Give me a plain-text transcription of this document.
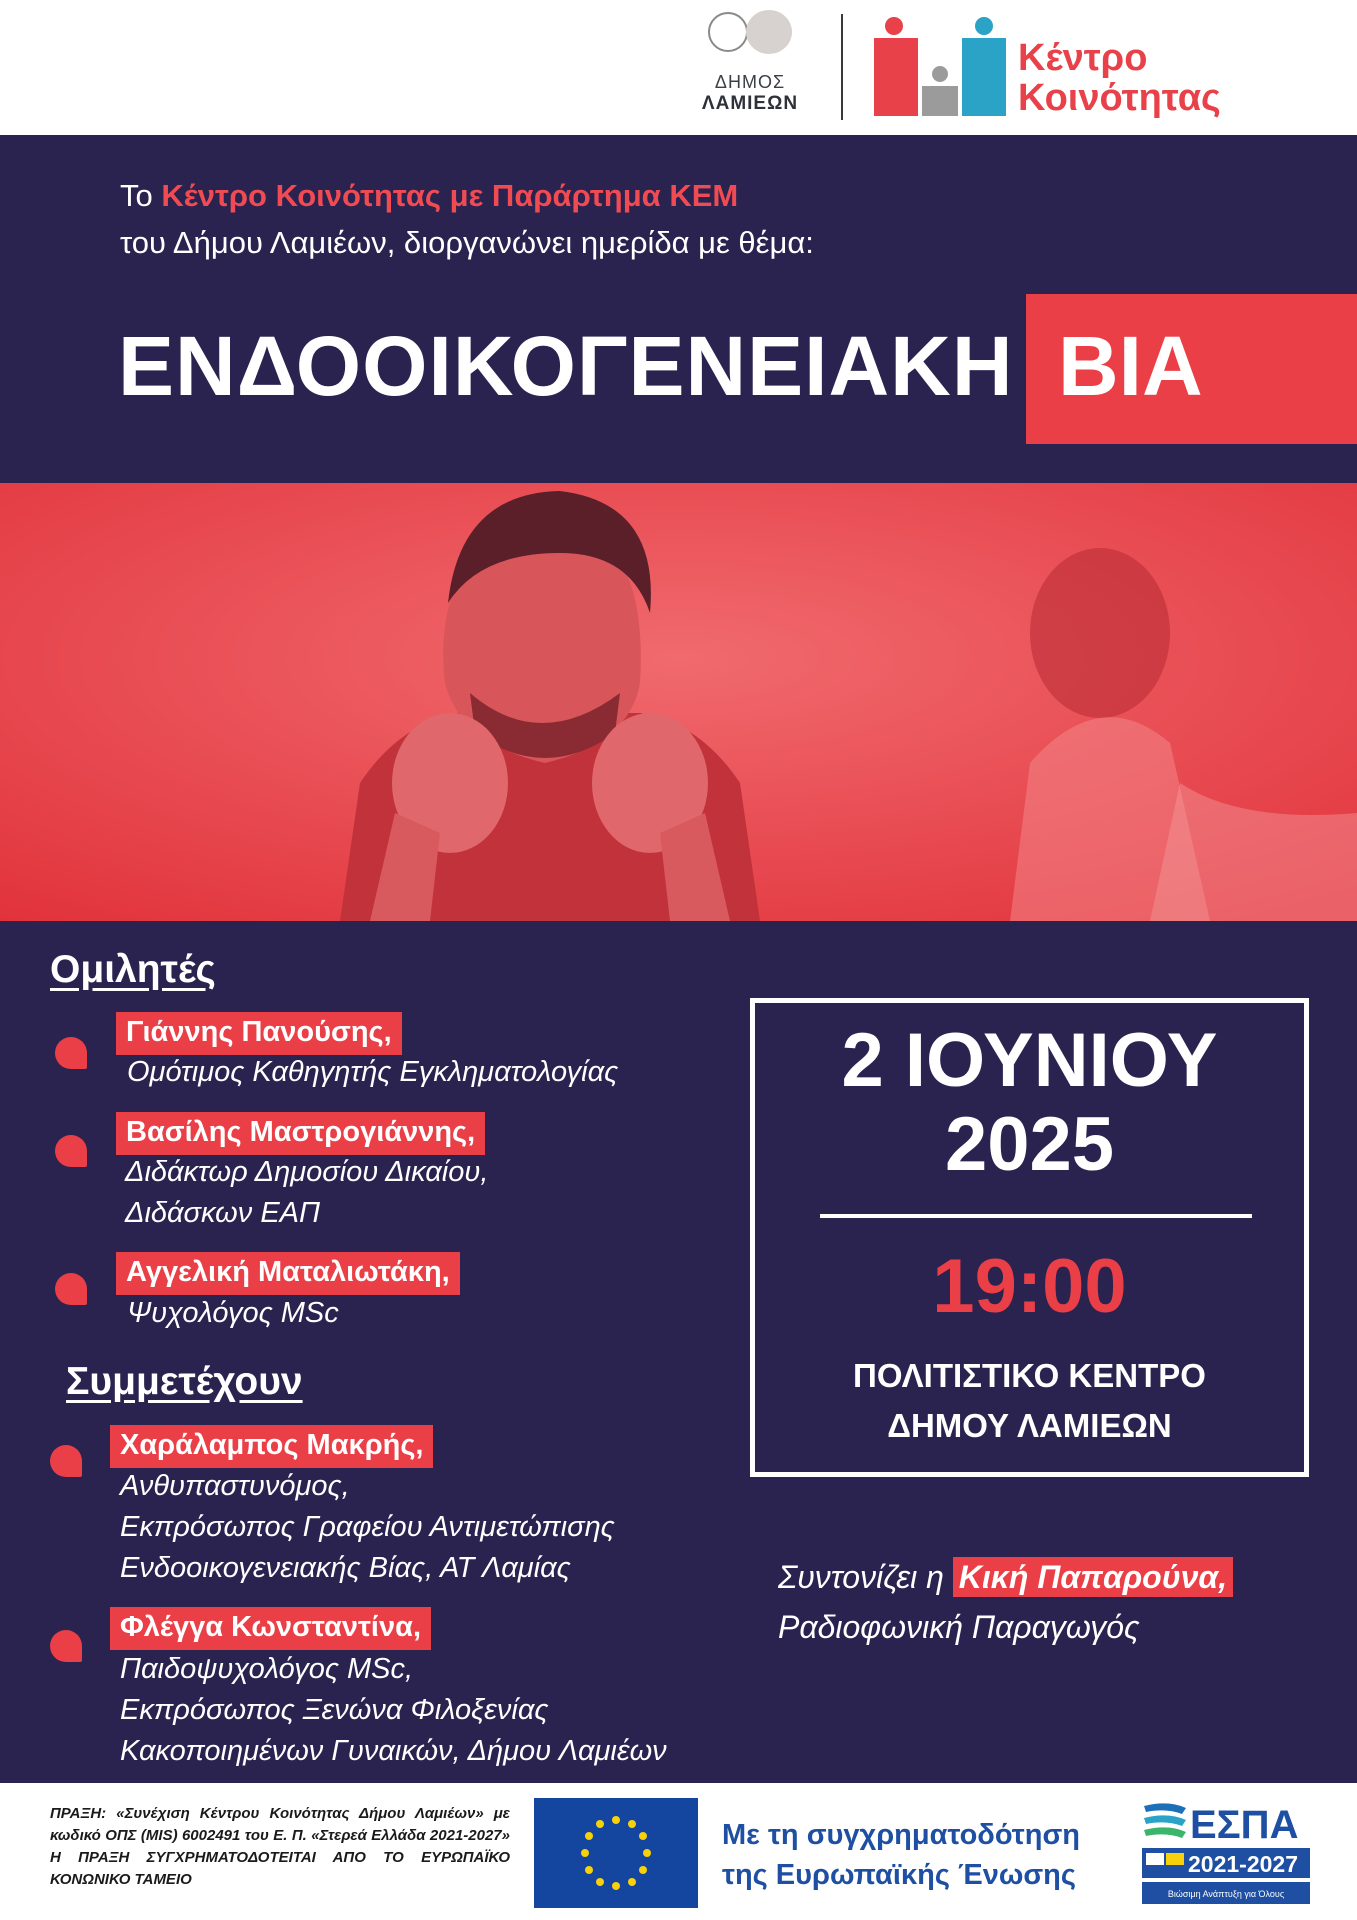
ΔΗΜΟΣ
ΛΑΜΙΕΩΝ
Κέντρο
Κοινότητας
Το Κέντρο Κοινότητας με Παράρτημα ΚΕΜ
του Δήμου Λαμιέων, διοργανώνει ημερίδα με θέμα:
ΕΝΔΟΟΙΚΟΓΕΝΕΙΑΚΗ ΒΙΑ
Ομιλητές
Γιάννης Πανούσης,
Ομότιμος Καθηγητής Εγκληματολογίας
Βασίλης Μαστρογιάννης,
Διδάκτωρ Δημοσίου Δικαίου,
Διδάσκων ΕΑΠ
Αγγελική Ματαλιωτάκη,
Ψυχολόγος MSc
Συμμετέχουν
Χαράλαμπος Μακρής,
Ανθυπαστυνόμος,
Εκπρόσωπος Γραφείου Αντιμετώπισης
Ενδοοικογενειακής Βίας, ΑΤ Λαμίας
Φλέγγα Κωνσταντίνα,
Παιδοψυχολόγος MSc,
Εκπρόσωπος Ξενώνα Φιλοξενίας
Κακοποιημένων Γυναικών, Δήμου Λαμιέων
2 ΙΟΥΝΙΟΥ
2025
19:00
ΠΟΛΙΤΙΣΤΙΚΟ ΚΕΝΤΡΟ
ΔΗΜΟΥ ΛΑΜΙΕΩΝ
Συντονίζει η Κική Παπαρούνα,
Ραδιοφωνική Παραγωγός
ΠΡΑΞΗ: «Συνέχιση Κέντρου Κοινότητας Δήμου Λαμιέων» με κωδικό ΟΠΣ (MIS) 6002491 του Ε. Π. «Στερεά Ελλάδα 2021-2027» Η ΠΡΑΞΗ ΣΥΓΧΡΗΜΑΤΟΔΟΤΕΙΤΑΙ ΑΠΟ ΤΟ ΕΥΡΩΠΑΪΚΟ ΚΟΝΩΝΙΚΟ ΤΑΜΕΙΟ
Με τη συγχρηματοδότηση
της Ευρωπαϊκής Ένωσης
ΕΣΠΑ
2021-2027
Βιώσιμη Ανάπτυξη για Όλους
